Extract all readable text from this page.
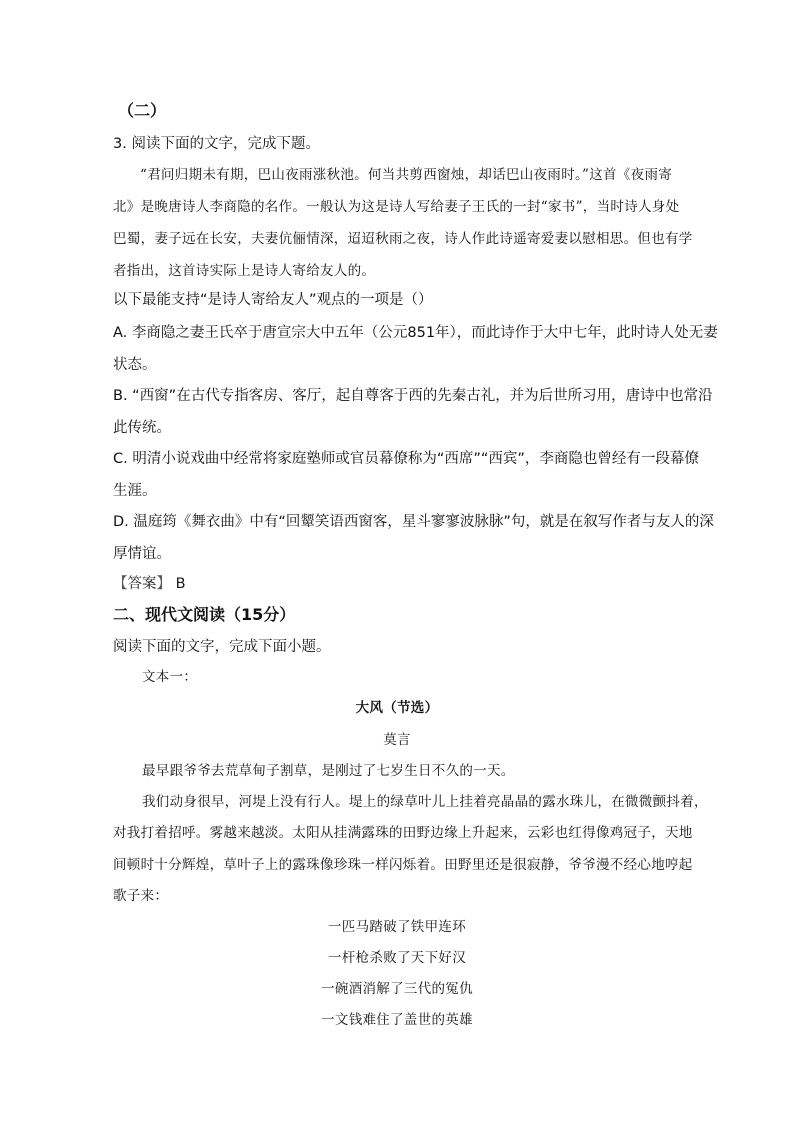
（二）
3. 阅读下面的文字，完成下题。
“君问归期未有期，巴山夜雨涨秋池。何当共剪西窗烛，却话巴山夜雨时。”这首《夜雨寄
北》是晚唐诗人李商隐的名作。一般认为这是诗人写给妻子王氏的一封“家书”，当时诗人身处
巴蜀，妻子远在长安，夫妻伉俪情深，迢迢秋雨之夜，诗人作此诗遥寄爱妻以慰相思。但也有学
者指出，这首诗实际上是诗人寄给友人的。
以下最能支持“是诗人寄给友人”观点的一项是（）
A. 李商隐之妻王氏卒于唐宣宗大中五年（公元851年），而此诗作于大中七年，此时诗人处无妻
状态。
B. “西窗”在古代专指客房、客厅，起自尊客于西的先秦古礼，并为后世所习用，唐诗中也常沿
此传统。
C. 明清小说戏曲中经常将家庭塾师或官员幕僚称为“西席”“西宾”，李商隐也曾经有一段幕僚
生涯。
D. 温庭筠《舞衣曲》中有“回颦笑语西窗客，星斗寥寥波脉脉”句，就是在叙写作者与友人的深
厚情谊。
【答案】 B
二、现代文阅读（15分）
阅读下面的文字，完成下面小题。
文本一：
大风（节选）
莫言
最早跟爷爷去荒草甸子割草，是刚过了七岁生日不久的一天。
我们动身很早，河堤上没有行人。堤上的绿草叶儿上挂着亮晶晶的露水珠儿，在微微颤抖着，
对我打着招呼。雾越来越淡。太阳从挂满露珠的田野边缘上升起来，云彩也红得像鸡冠子，天地
间顿时十分辉煌，草叶子上的露珠像珍珠一样闪烁着。田野里还是很寂静，爷爷漫不经心地哼起
歌子来：
一匹马踏破了铁甲连环
一杆枪杀败了天下好汉
一碗酒消解了三代的冤仇
一文钱难住了盖世的英雄
